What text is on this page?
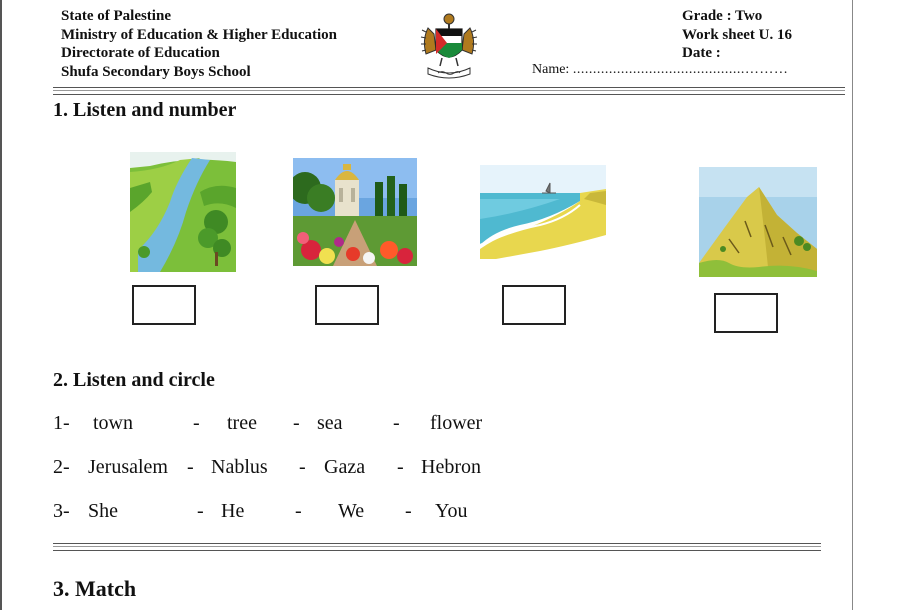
State of Palestine
Ministry of Education & Higher Education
Directorate of Education
Shufa Secondary Boys School
Grade : Two
Work sheet U. 16
Date :
Name: ...........................................………
1. Listen and number
2. Listen and circle
1- town	- tree - sea	- flower
2- Jerusalem - Nablus - Gaza - Hebron
3- She	- He	- We - You
3. Match
